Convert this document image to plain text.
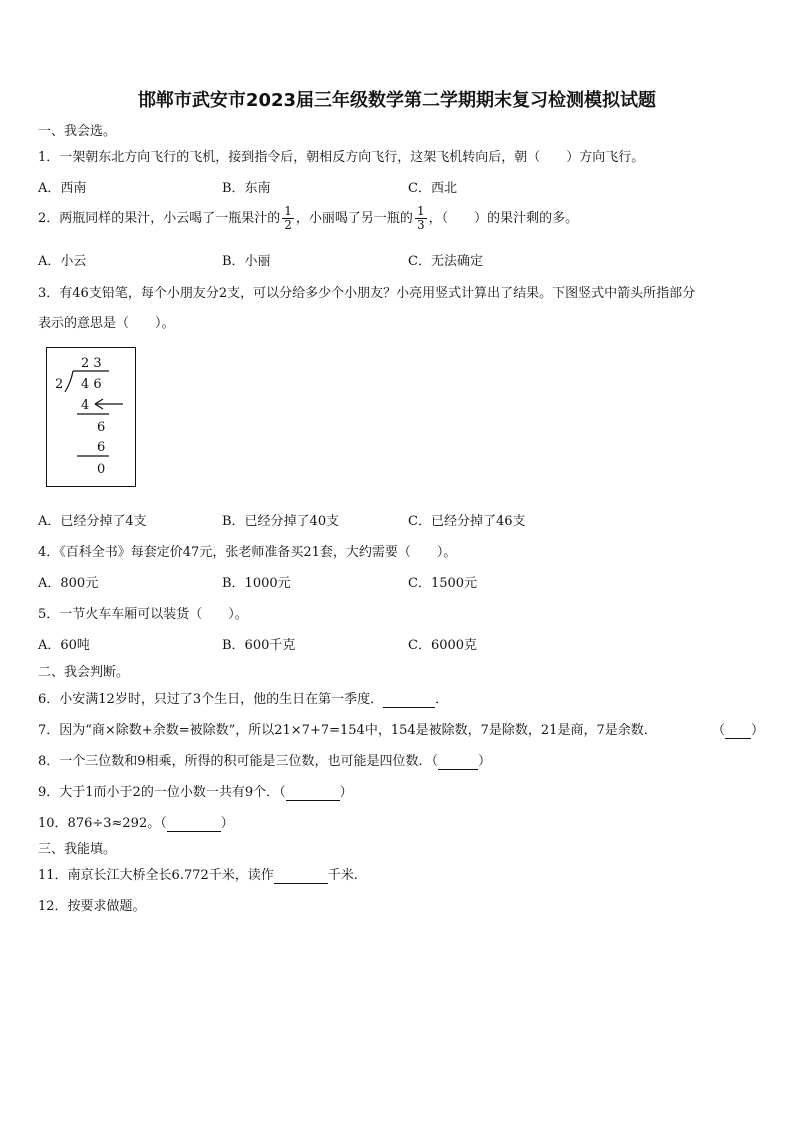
邯郸市武安市2023届三年级数学第二学期期末复习检测模拟试题
一、我会选。
1．一架朝东北方向飞行的飞机，接到指令后，朝相反方向飞行，这架飞机转向后，朝（　　）方向飞行。
A．西南	B．东南	C．西北
2．两瓶同样的果汁，小云喝了一瓶果汁的 $\frac{1}{2}$ ，小丽喝了另一瓶的 $\frac{1}{3}$ ，（　　）的果汁剩的多。
A．小云	B．小丽	C．无法确定
3．有46支铅笔，每个小朋友分2支，可以分给多少个小朋友？小亮用竖式计算出了结果。下图竖式中箭头所指部分
表示的意思是（　　）。
2 3
2 4 6
4
6
6
0
A．已经分掉了4支	B．已经分掉了40支	C．已经分掉了46支
4．《百科全书》每套定价47元，张老师准备买21套，大约需要（　　）。
A．800元	B．1000元	C．1500元
5．一节火车车厢可以装货（　　）。
A．60吨	B．600千克	C．6000克
二、我会判断。
6．小安满12岁时，只过了3个生日，他的生日在第一季度．	．
7．因为“商×除数+余数=被除数”，所以21×7+7=154中，154是被除数，7是除数，21是商，7是余数．	（ ）
8．一个三位数和9相乘，所得的积可能是三位数，也可能是四位数．（	）
9．大于1而小于2的一位小数一共有9个．（	）
10．876÷3≈292。（	）
三、我能填。
11．南京长江大桥全长6.772千米，读作	千米.
12．按要求做题。
